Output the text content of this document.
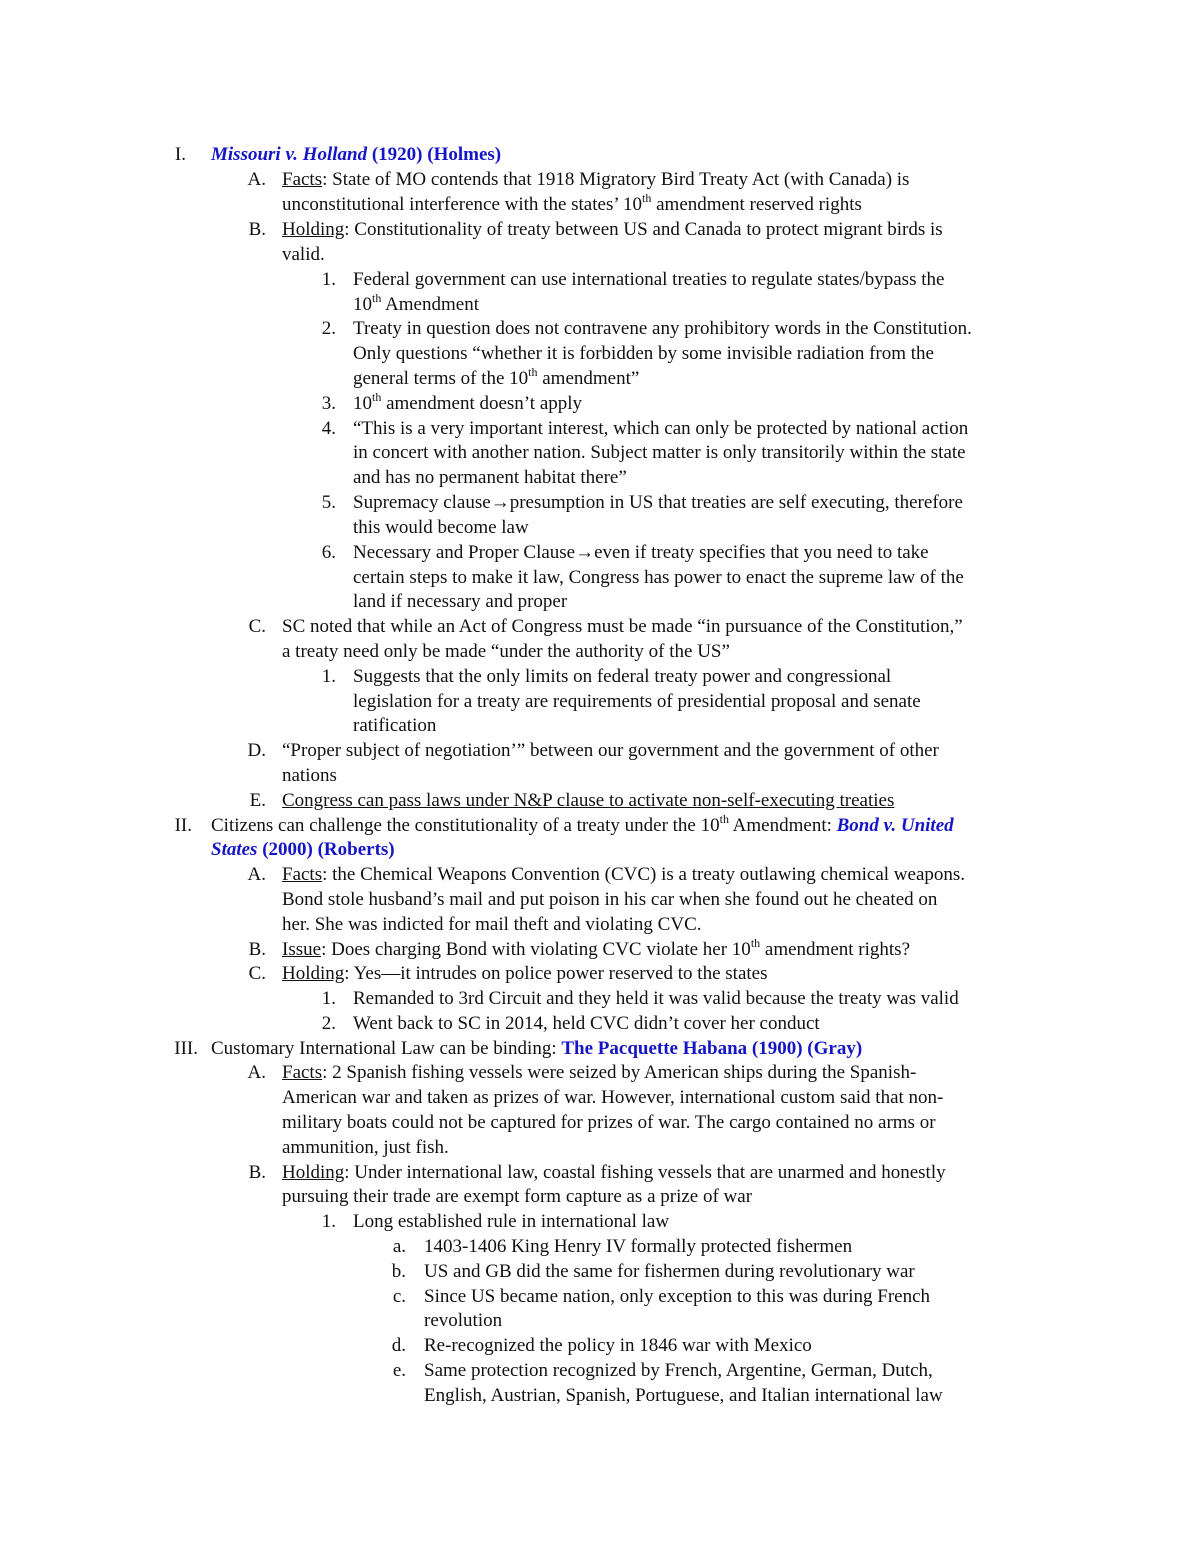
I. Missouri v. Holland (1920) (Holmes)
A. Facts: State of MO contends that 1918 Migratory Bird Treaty Act (with Canada) is
unconstitutional interference with the states’ 10th amendment reserved rights
B. Holding: Constitutionality of treaty between US and Canada to protect migrant birds is
valid.
1. Federal government can use international treaties to regulate states/bypass the
10th Amendment
2. Treaty in question does not contravene any prohibitory words in the Constitution.
Only questions “whether it is forbidden by some invisible radiation from the
general terms of the 10th amendment”
3. 10th amendment doesn’t apply
4. “This is a very important interest, which can only be protected by national action
in concert with another nation. Subject matter is only transitorily within the state
and has no permanent habitat there”
5. Supremacy clause→presumption in US that treaties are self executing, therefore
this would become law
6. Necessary and Proper Clause→even if treaty specifies that you need to take
certain steps to make it law, Congress has power to enact the supreme law of the
land if necessary and proper
C. SC noted that while an Act of Congress must be made “in pursuance of the Constitution,”
a treaty need only be made “under the authority of the US”
1. Suggests that the only limits on federal treaty power and congressional
legislation for a treaty are requirements of presidential proposal and senate
ratification
D. “Proper subject of negotiation’” between our government and the government of other
nations
E. Congress can pass laws under N&P clause to activate non-self-executing treaties
II. Citizens can challenge the constitutionality of a treaty under the 10th Amendment: Bond v. United
States (2000) (Roberts)
A. Facts: the Chemical Weapons Convention (CVC) is a treaty outlawing chemical weapons.
Bond stole husband’s mail and put poison in his car when she found out he cheated on
her. She was indicted for mail theft and violating CVC.
B. Issue: Does charging Bond with violating CVC violate her 10th amendment rights?
C. Holding: Yes—it intrudes on police power reserved to the states
1. Remanded to 3rd Circuit and they held it was valid because the treaty was valid
2. Went back to SC in 2014, held CVC didn’t cover her conduct
III. Customary International Law can be binding: The Pacquette Habana (1900) (Gray)
A. Facts: 2 Spanish fishing vessels were seized by American ships during the Spanish-
American war and taken as prizes of war. However, international custom said that non-
military boats could not be captured for prizes of war. The cargo contained no arms or
ammunition, just fish.
B. Holding: Under international law, coastal fishing vessels that are unarmed and honestly
pursuing their trade are exempt form capture as a prize of war
1. Long established rule in international law
a. 1403-1406 King Henry IV formally protected fishermen
b. US and GB did the same for fishermen during revolutionary war
c. Since US became nation, only exception to this was during French
revolution
d. Re-recognized the policy in 1846 war with Mexico
e. Same protection recognized by French, Argentine, German, Dutch,
English, Austrian, Spanish, Portuguese, and Italian international law
